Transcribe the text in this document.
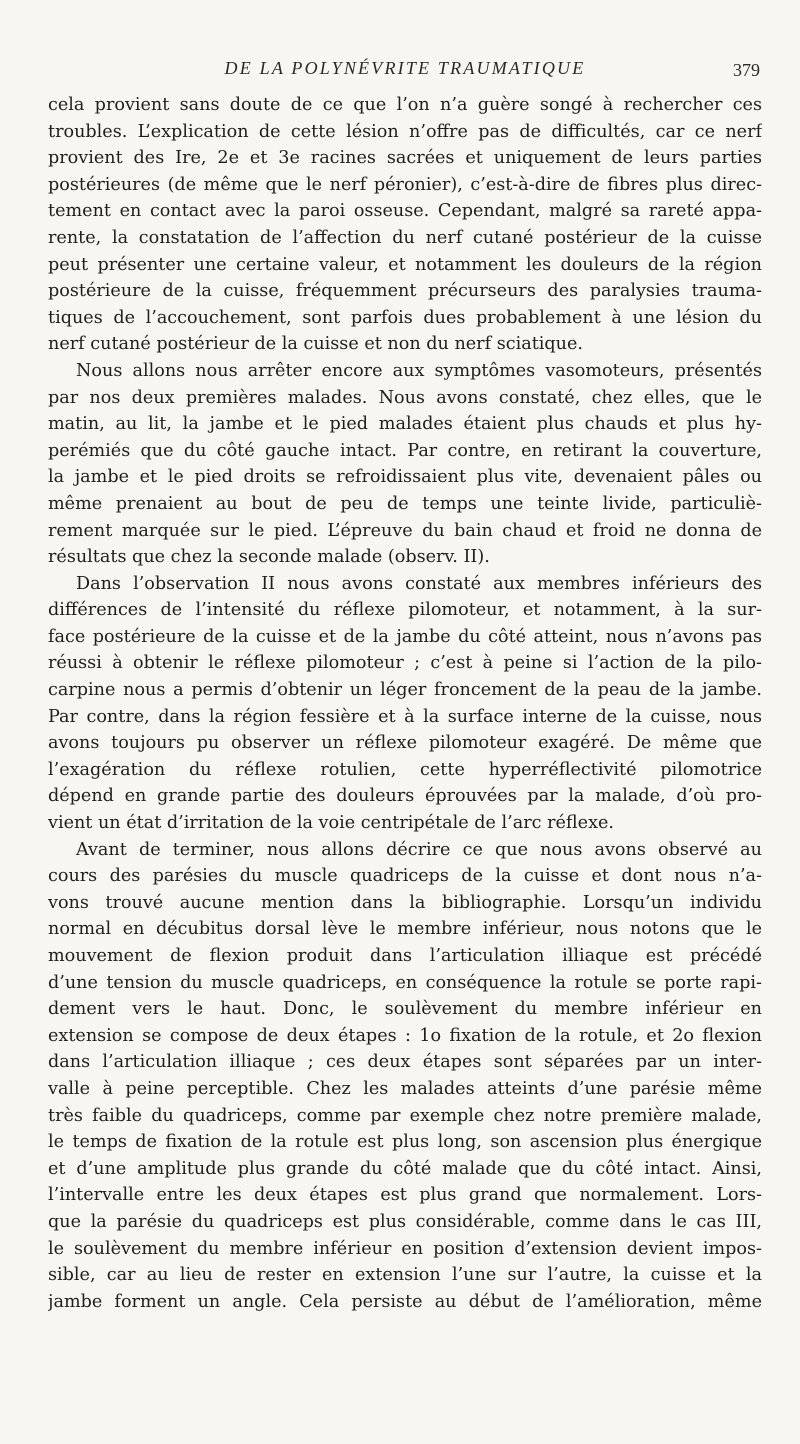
DE LA POLYNÉVRITE TRAUMATIQUE	379
cela provient sans doute de ce que l’on n’a guère songé à rechercher ces
troubles. L’explication de cette lésion n’offre pas de difficultés, car ce nerf
provient des Ire, 2e et 3e racines sacrées et uniquement de leurs parties
postérieures (de même que le nerf péronier), c’est-à-dire de fibres plus direc-
tement en contact avec la paroi osseuse. Cependant, malgré sa rareté appa-
rente, la constatation de l’affection du nerf cutané postérieur de la cuisse
peut présenter une certaine valeur, et notamment les douleurs de la région
postérieure de la cuisse, fréquemment précurseurs des paralysies trauma-
tiques de l’accouchement, sont parfois dues probablement à une lésion du
nerf cutané postérieur de la cuisse et non du nerf sciatique.
Nous allons nous arrêter encore aux symptômes vasomoteurs, présentés
par nos deux premières malades. Nous avons constaté, chez elles, que le
matin, au lit, la jambe et le pied malades étaient plus chauds et plus hy-
perémiés que du côté gauche intact. Par contre, en retirant la couverture,
la jambe et le pied droits se refroidissaient plus vite, devenaient pâles ou
même prenaient au bout de peu de temps une teinte livide, particuliè-
rement marquée sur le pied. L’épreuve du bain chaud et froid ne donna de
résultats que chez la seconde malade (observ. II).
Dans l’observation II nous avons constaté aux membres inférieurs des
différences de l’intensité du réflexe pilomoteur, et notamment, à la sur-
face postérieure de la cuisse et de la jambe du côté atteint, nous n’avons pas
réussi à obtenir le réflexe pilomoteur ; c’est à peine si l’action de la pilo-
carpine nous a permis d’obtenir un léger froncement de la peau de la jambe.
Par contre, dans la région fessière et à la surface interne de la cuisse, nous
avons toujours pu observer un réflexe pilomoteur exagéré. De même que
l’exagération du réflexe rotulien, cette hyperréflectivité pilomotrice
dépend en grande partie des douleurs éprouvées par la malade, d’où pro-
vient un état d’irritation de la voie centripétale de l’arc réflexe.
Avant de terminer, nous allons décrire ce que nous avons observé au
cours des parésies du muscle quadriceps de la cuisse et dont nous n’a-
vons trouvé aucune mention dans la bibliographie. Lorsqu’un individu
normal en décubitus dorsal lève le membre inférieur, nous notons que le
mouvement de flexion produit dans l’articulation illiaque est précédé
d’une tension du muscle quadriceps, en conséquence la rotule se porte rapi-
dement vers le haut. Donc, le soulèvement du membre inférieur en
extension se compose de deux étapes : 1o fixation de la rotule, et 2o flexion
dans l’articulation illiaque ; ces deux étapes sont séparées par un inter-
valle à peine perceptible. Chez les malades atteints d’une parésie même
très faible du quadriceps, comme par exemple chez notre première malade,
le temps de fixation de la rotule est plus long, son ascension plus énergique
et d’une amplitude plus grande du côté malade que du côté intact. Ainsi,
l’intervalle entre les deux étapes est plus grand que normalement. Lors-
que la parésie du quadriceps est plus considérable, comme dans le cas III,
le soulèvement du membre inférieur en position d’extension devient impos-
sible, car au lieu de rester en extension l’une sur l’autre, la cuisse et la
jambe forment un angle. Cela persiste au début de l’amélioration, même
